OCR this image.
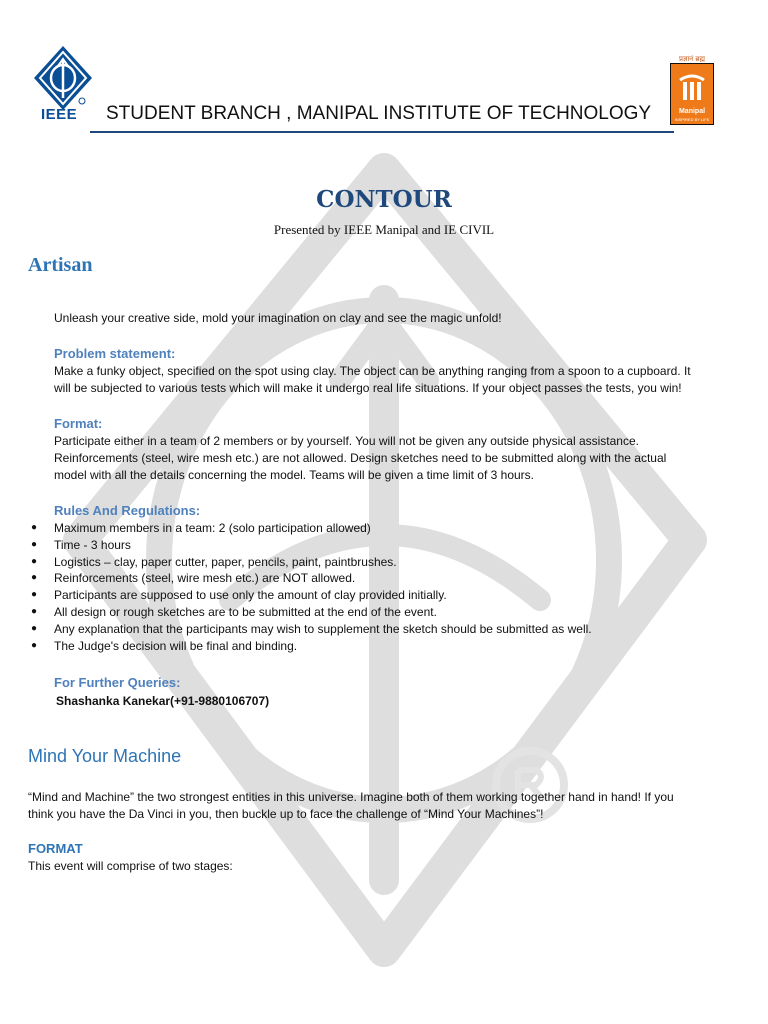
IEEE STUDENT BRANCH , MANIPAL INSTITUTE OF TECHNOLOGY
प्रज्ञानं ब्रह्म
Manipal
INSPIRED BY LIFE
CONTOUR
Presented by IEEE Manipal and IE CIVIL
Artisan
Unleash your creative side, mold your imagination on clay and see the magic unfold!
Problem statement:
Make a funky object, specified on the spot using clay. The object can be anything ranging from a spoon to a cupboard. It
will be subjected to various tests which will make it undergo real life situations. If your object passes the tests, you win!
Format:
Participate either in a team of 2 members or by yourself. You will not be given any outside physical assistance.
Reinforcements (steel, wire mesh etc.) are not allowed. Design sketches need to be submitted along with the actual
model with all the details concerning the model. Teams will be given a time limit of 3 hours.
Rules And Regulations:
● Maximum members in a team: 2 (solo participation allowed)
● Time - 3 hours
● Logistics – clay, paper cutter, paper, pencils, paint, paintbrushes.
● Reinforcements (steel, wire mesh etc.) are NOT allowed.
● Participants are supposed to use only the amount of clay provided initially.
● All design or rough sketches are to be submitted at the end of the event.
● Any explanation that the participants may wish to supplement the sketch should be submitted as well.
● The Judge's decision will be final and binding.
For Further Queries:
Shashanka Kanekar(+91-9880106707)
Mind Your Machine
“Mind and Machine” the two strongest entities in this universe. Imagine both of them working together hand in hand! If you
think you have the Da Vinci in you, then buckle up to face the challenge of “Mind Your Machines”!
FORMAT
This event will comprise of two stages:
